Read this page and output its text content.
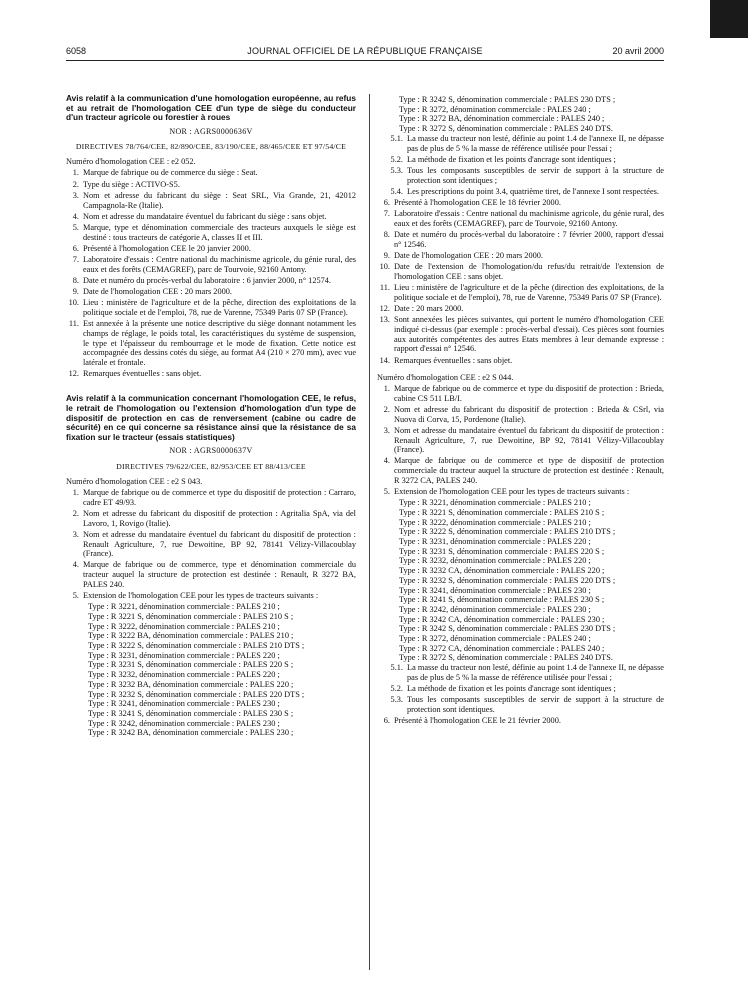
6058	JOURNAL OFFICIEL DE LA RÉPUBLIQUE FRANÇAISE	20 avril 2000

Avis relatif à la communication d'une homologation européenne, au refus et au retrait de l'homologation CEE d'un type de siège du conducteur d'un tracteur agricole ou forestier à roues

NOR : AGRS0000636V
DIRECTIVES 78/764/CEE, 82/890/CEE, 83/190/CEE, 88/465/CEE ET 97/54/CE

Numéro d'homologation CEE : e2 052.

1. Marque de fabrique ou de commerce du siège : Seat.
2. Type du siège : ACTIVO-S5.
3. Nom et adresse du fabricant du siège : Seat SRL, Via Grande, 21, 42012 Campagnola-Re (Italie).
4. Nom et adresse du mandataire éventuel du fabricant du siège : sans objet.
5. Marque, type et dénomination commerciale des tracteurs auxquels le siège est destiné : tous tracteurs de catégorie A, classes II et III.
6. Présenté à l'homologation CEE le 20 janvier 2000.
7. Laboratoire d'essais : Centre national du machinisme agricole, du génie rural, des eaux et des forêts (CEMAGREF), parc de Tourvoie, 92160 Antony.
8. Date et numéro du procès-verbal du laboratoire : 6 janvier 2000, n° 12574.
9. Date de l'homologation CEE : 20 mars 2000.
10. Lieu : ministère de l'agriculture et de la pêche, direction des exploitations de la politique sociale et de l'emploi, 78, rue de Varenne, 75349 Paris 07 SP (France).
11. Est annexée à la présente une notice descriptive du siège donnant notamment les champs de réglage, le poids total, les caractéristiques du système de suspension, le type et l'épaisseur du rembourrage et le mode de fixation. Cette notice est accompagnée des dessins cotés du siège, au format A4 (210 × 270 mm), avec vue latérale et frontale.
12. Remarques éventuelles : sans objet.

Avis relatif à la communication concernant l'homologation CEE, le refus, le retrait de l'homologation ou l'extension d'homologation d'un type de dispositif de protection en cas de renversement (cabine ou cadre de sécurité) en ce qui concerne sa résistance ainsi que la résistance de sa fixation sur le tracteur (essais statistiques)

NOR : AGRS0000637V
DIRECTIVES 79/622/CEE, 82/953/CEE ET 88/413/CEE

Numéro d'homologation CEE : e2 S 043.

1. Marque de fabrique ou de commerce et type du dispositif de protection : Carraro, cadre ET 49/93.
2. Nom et adresse du fabricant du dispositif de protection : Agritalia SpA, via del Lavoro, 1, Rovigo (Italie).
3. Nom et adresse du mandataire éventuel du fabricant du dispositif de protection : Renault Agriculture, 7, rue Dewoitine, BP 92, 78141 Vélizy-Villacoublay (France).
4. Marque de fabrique ou de commerce, type et dénomination commerciale du tracteur auquel la structure de protection est destinée : Renault, R 3272 BA, PALES 240.
5. Extension de l'homologation CEE pour les types de tracteurs suivants :

Type : R 3221, dénomination commerciale : PALES 210 ;

Type : R 3221 S, dénomination commerciale : PALES 210 S ;

Type : R 3222, dénomination commerciale : PALES 210 ;

Type : R 3222 BA, dénomination commerciale : PALES 210 ;

Type : R 3222 S, dénomination commerciale : PALES 210 DTS ;

Type : R 3231, dénomination commerciale : PALES 220 ;

Type : R 3231 S, dénomination commerciale : PALES 220 S ;

Type : R 3232, dénomination commerciale : PALES 220 ;

Type : R 3232 BA, dénomination commerciale : PALES 220 ;

Type : R 3232 S, dénomination commerciale : PALES 220 DTS ;

Type : R 3241, dénomination commerciale : PALES 230 ;

Type : R 3241 S, dénomination commerciale : PALES 230 S ;

Type : R 3242, dénomination commerciale : PALES 230 ;

Type : R 3242 BA, dénomination commerciale : PALES 230 ;

Type : R 3242 S, dénomination commerciale : PALES 230 DTS ;

Type : R 3272, dénomination commerciale : PALES 240 ;

Type : R 3272 BA, dénomination commerciale : PALES 240 ;

Type : R 3272 S, dénomination commerciale : PALES 240 DTS.

5.1. La masse du tracteur non lesté, définie au point 1.4 de l'annexe II, ne dépasse pas de plus de 5 % la masse de référence utilisée pour l'essai ;
5.2. La méthode de fixation et les points d'ancrage sont identiques ;
5.3. Tous les composants susceptibles de servir de support à la structure de protection sont identiques ;
5.4. Les prescriptions du point 3.4, quatrième tiret, de l'annexe I sont respectées.
6. Présenté à l'homologation CEE le 18 février 2000.
7. Laboratoire d'essais : Centre national du machinisme agricole, du génie rural, des eaux et des forêts (CEMAGREF), parc de Tourvoie, 92160 Antony.
8. Date et numéro du procès-verbal du laboratoire : 7 février 2000, rapport d'essai n° 12546.
9. Date de l'homologation CEE : 20 mars 2000.
10. Date de l'extension de l'homologation/du refus/du retrait/de l'extension de l'homologation CEE : sans objet.
11. Lieu : ministère de l'agriculture et de la pêche (direction des exploitations, de la politique sociale et de l'emploi), 78, rue de Varenne, 75349 Paris 07 SP (France).
12. Date : 20 mars 2000.
13. Sont annexées les pièces suivantes, qui portent le numéro d'homologation CEE indiqué ci-dessus (par exemple : procès-verbal d'essai). Ces pièces sont fournies aux autorités compétentes des autres Etats membres à leur demande expresse : rapport d'essai n° 12546.
14. Remarques éventuelles : sans objet.

Numéro d'homologation CEE : e2 S 044.

1. Marque de fabrique ou de commerce et type du dispositif de protection : Brieda, cabine CS 511 LB/I.
2. Nom et adresse du fabricant du dispositif de protection : Brieda & CSrl, via Nuova di Corva, 15, Pordenone (Italie).
3. Nom et adresse du mandataire éventuel du fabricant du dispositif de protection : Renault Agriculture, 7, rue Dewoitine, BP 92, 78141 Vélizy-Villacoublay (France).
4. Marque de fabrique ou de commerce et type de dispositif de protection commerciale du tracteur auquel la structure de protection est destinée : Renault, R 3272 CA, PALES 240.
5. Extension de l'homologation CEE pour les types de tracteurs suivants :

Type : R 3221, dénomination commerciale : PALES 210 ;

Type : R 3221 S, dénomination commerciale : PALES 210 S ;

Type : R 3222, dénomination commerciale : PALES 210 ;

Type : R 3222 S, dénomination commerciale : PALES 210 DTS ;

Type : R 3231, dénomination commerciale : PALES 220 ;

Type : R 3231 S, dénomination commerciale : PALES 220 S ;

Type : R 3232, dénomination commerciale : PALES 220 ;

Type : R 3232 CA, dénomination commerciale : PALES 220 ;

Type : R 3232 S, dénomination commerciale : PALES 220 DTS ;

Type : R 3241, dénomination commerciale : PALES 230 ;

Type : R 3241 S, dénomination commerciale : PALES 230 S ;

Type : R 3242, dénomination commerciale : PALES 230 ;

Type : R 3242 CA, dénomination commerciale : PALES 230 ;

Type : R 3242 S, dénomination commerciale : PALES 230 DTS ;

Type : R 3272, dénomination commerciale : PALES 240 ;

Type : R 3272 CA, dénomination commerciale : PALES 240 ;

Type : R 3272 S, dénomination commerciale : PALES 240 DTS.

5.1. La masse du tracteur non lesté, définie au point 1.4 de l'annexe II, ne dépasse pas de plus de 5 % la masse de référence utilisée pour l'essai ;
5.2. La méthode de fixation et les points d'ancrage sont identiques ;
5.3. Tous les composants susceptibles de servir de support à la structure de protection sont identiques.
6. Présenté à l'homologation CEE le 21 février 2000.
